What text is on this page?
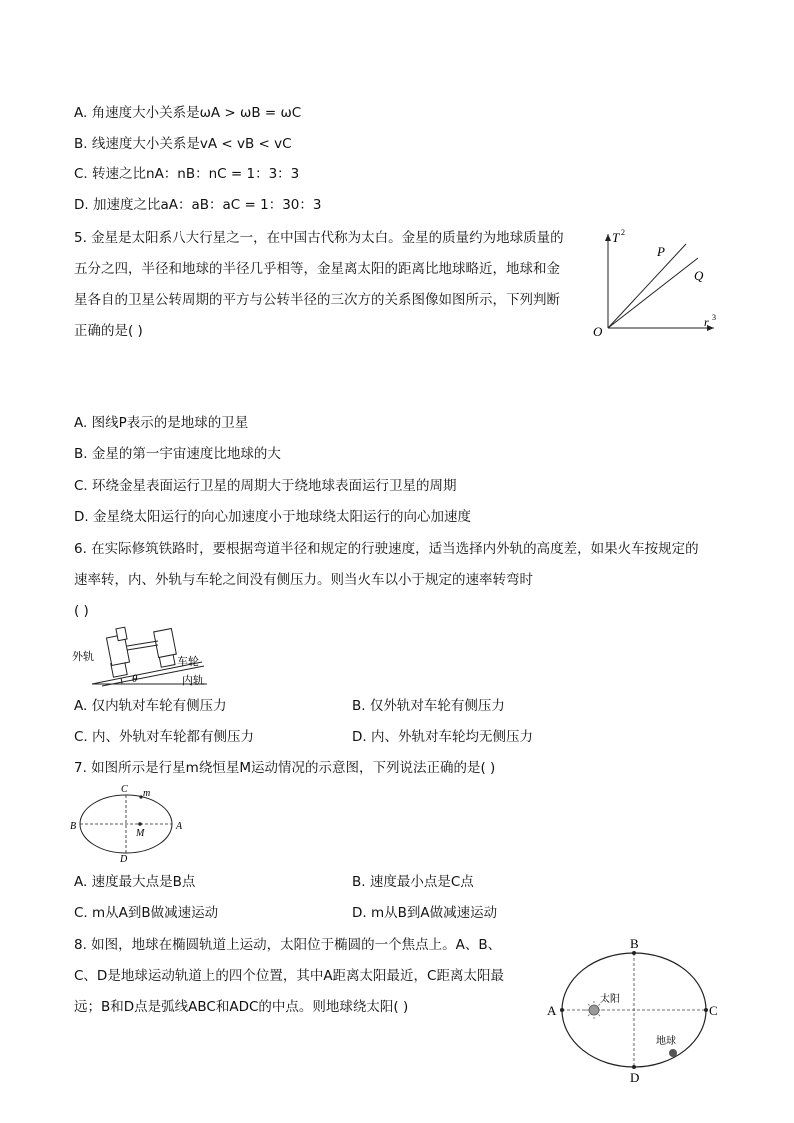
A. 角速度大小关系是ωA > ωB = ωC
B. 线速度大小关系是vA < vB < vC
C. 转速之比nA：nB：nC = 1：3：3
D. 加速度之比aA：aB：aC = 1：30：3
5. 金星是太阳系八大行星之一，在中国古代称为太白。金星的质量约为地球质量的
五分之四，半径和地球的半径几乎相等，金星离太阳的距离比地球略近，地球和金
星各自的卫星公转周期的平方与公转半径的三次方的关系图像如图所示，下列判断
正确的是( )
T 2
r 3
O
P
Q
A. 图线P表示的是地球的卫星
B. 金星的第一宇宙速度比地球的大
C. 环绕金星表面运行卫星的周期大于绕地球表面运行卫星的周期
D. 金星绕太阳运行的向心加速度小于地球绕太阳运行的向心加速度
6. 在实际修筑铁路时，要根据弯道半径和规定的行驶速度，适当选择内外轨的高度差，如果火车按规定的
速率转，内、外轨与车轮之间没有侧压力。则当火车以小于规定的速率转弯时
( )
外轨	车轮
内轨
θ
A. 仅内轨对车轮有侧压力	B. 仅外轨对车轮有侧压力
C. 内、外轨对车轮都有侧压力	D. 内、外轨对车轮均无侧压力
7. 如图所示是行星m绕恒星M运动情况的示意图，下列说法正确的是( )
A
B
C
D
m
M
A. 速度最大点是B点	B. 速度最小点是C点
C. m从A到B做减速运动	D. m从B到A做减速运动
8. 如图，地球在椭圆轨道上运动，太阳位于椭圆的一个焦点上。A、B、
C、D是地球运动轨道上的四个位置，其中A距离太阳最近，C距离太阳最
远；B和D点是弧线ABC和ADC的中点。则地球绕太阳( )
B
D
A	C
太阳
地球
